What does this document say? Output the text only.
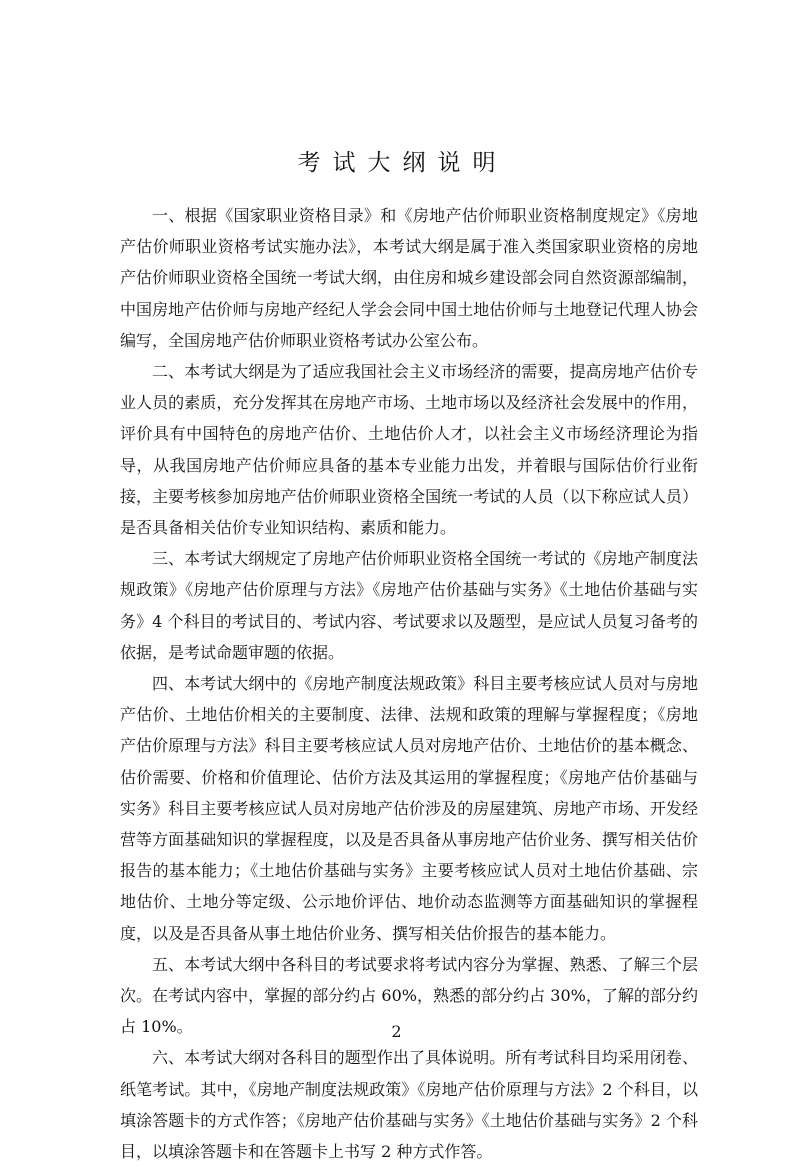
考试大纲说明

一、根据《国家职业资格目录》和《房地产估价师职业资格制度规定》《房地产估价师职业资格考试实施办法》，本考试大纲是属于准入类国家职业资格的房地产估价师职业资格全国统一考试大纲，由住房和城乡建设部会同自然资源部编制，中国房地产估价师与房地产经纪人学会会同中国土地估价师与土地登记代理人协会编写，全国房地产估价师职业资格考试办公室公布。

二、本考试大纲是为了适应我国社会主义市场经济的需要，提高房地产估价专业人员的素质，充分发挥其在房地产市场、土地市场以及经济社会发展中的作用，评价具有中国特色的房地产估价、土地估价人才，以社会主义市场经济理论为指导，从我国房地产估价师应具备的基本专业能力出发，并着眼与国际估价行业衔接，主要考核参加房地产估价师职业资格全国统一考试的人员（以下称应试人员）是否具备相关估价专业知识结构、素质和能力。

三、本考试大纲规定了房地产估价师职业资格全国统一考试的《房地产制度法规政策》《房地产估价原理与方法》《房地产估价基础与实务》《土地估价基础与实务》4 个科目的考试目的、考试内容、考试要求以及题型，是应试人员复习备考的依据，是考试命题审题的依据。

四、本考试大纲中的《房地产制度法规政策》科目主要考核应试人员对与房地产估价、土地估价相关的主要制度、法律、法规和政策的理解与掌握程度；《房地产估价原理与方法》科目主要考核应试人员对房地产估价、土地估价的基本概念、估价需要、价格和价值理论、估价方法及其运用的掌握程度；《房地产估价基础与实务》科目主要考核应试人员对房地产估价涉及的房屋建筑、房地产市场、开发经营等方面基础知识的掌握程度，以及是否具备从事房地产估价业务、撰写相关估价报告的基本能力；《土地估价基础与实务》主要考核应试人员对土地估价基础、宗地估价、土地分等定级、公示地价评估、地价动态监测等方面基础知识的掌握程度，以及是否具备从事土地估价业务、撰写相关估价报告的基本能力。

五、本考试大纲中各科目的考试要求将考试内容分为掌握、熟悉、了解三个层次。在考试内容中，掌握的部分约占 60%，熟悉的部分约占 30%，了解的部分约占 10%。

六、本考试大纲对各科目的题型作出了具体说明。所有考试科目均采用闭卷、纸笔考试。其中，《房地产制度法规政策》《房地产估价原理与方法》2 个科目，以填涂答题卡的方式作答；《房地产估价基础与实务》《土地估价基础与实务》2 个科目，以填涂答题卡和在答题卡上书写 2 种方式作答。

2
